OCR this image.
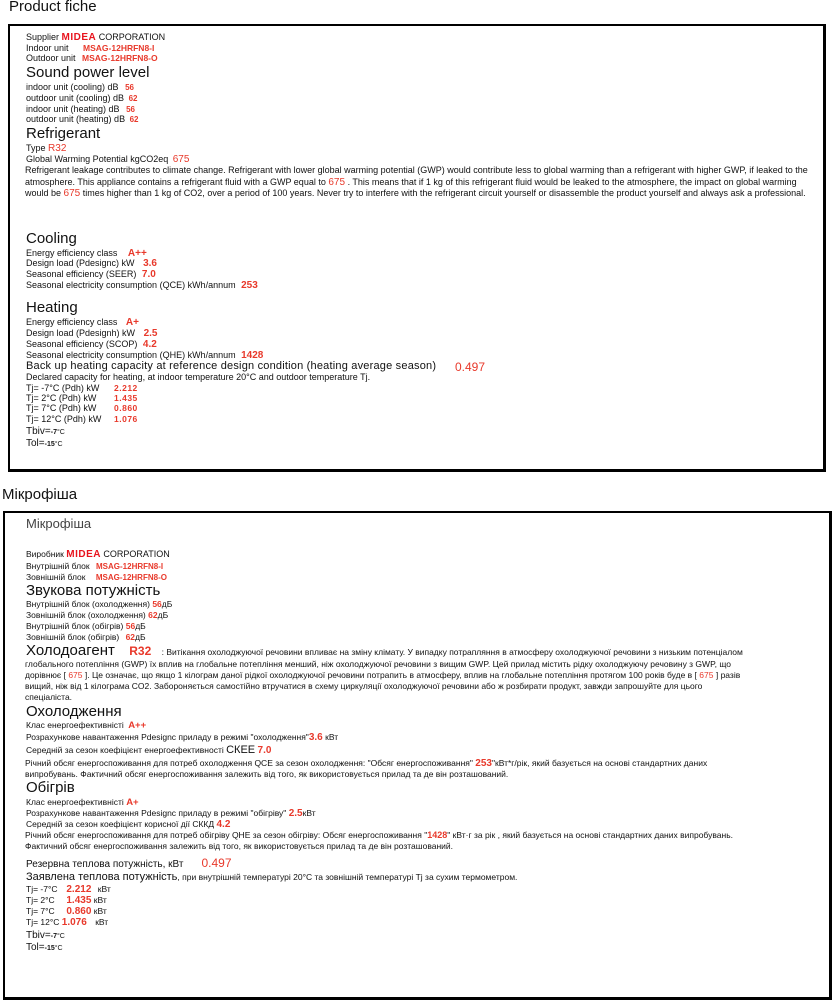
Product fiche
Supplier MIDEA CORPORATION
Indoor unit MSAG-12HRFN8-I
Outdoor unit MSAG-12HRFN8-O
Sound power level
indoor unit (cooling) dB 56
outdoor unit (cooling) dB 62
indoor unit (heating) dB 56
outdoor unit (heating) dB 62
Refrigerant
Type R32
Global Warming Potential kgCO2eq 675
Refrigerant leakage contributes to climate change. Refrigerant with lower global warming potential (GWP) would contribute less to global warming than a refrigerant with higher GWP, if leaked to the
atmosphere. This appliance contains a refrigerant fluid with a GWP equal to 675 . This means that if 1 kg of this refrigerant fluid would be leaked to the atmosphere, the impact on global warming
would be 675 times higher than 1 kg of CO2, over a period of 100 years. Never try to interfere with the refrigerant circuit yourself or disassemble the product yourself and always ask a professional.
Cooling
Energy efficiency class A++
Design load (Pdesignc) kW 3.6
Seasonal efficiency (SEER) 7.0
Seasonal electricity consumption (QCE) kWh/annum 253
Heating
Energy efficiency class A+
Design load (Pdesignh) kW 2.5
Seasonal efficiency (SCOP) 4.2
Seasonal electricity consumption (QHE) kWh/annum 1428
Back up heating capacity at reference design condition (heating average season) 0.497
Declared capacity for heating, at indoor temperature 20°C and outdoor temperature Tj.
Tj= -7°C (Pdh) kW 2.212
Tj= 2°C (Pdh) kW 1.435
Tj= 7°C (Pdh) kW 0.860
Tj= 12°C (Pdh) kW 1.076
Tbiv=-7°C
Tol=-15°C
Мікрофіша
Мікрофіша
Виробник MIDEA CORPORATION
Внутрішній блок MSAG-12HRFN8-I
Зовнішній блок MSAG-12HRFN8-O
Звукова потужність
Внутрішній блок (охолодження) 56дБ
Зовнішній блок (охолодження) 62дБ
Внутрішній блок (обігрів) 56дБ
Зовнішній блок (обігрів) 62дБ
Холодоагент R32 : Витікання охолоджуючої речовини впливає на зміну клімату. У випадку потрапляння в атмосферу охолоджуючої речовини з низьким потенціалом
глобального потепління (GWP) їх вплив на глобальне потепління менший, ніж охолоджуючої речовини з вищим GWP. Цей прилад містить рідку охолоджуючу речовину з GWP, що
дорівнює [ 675 ]. Це означає, що якщо 1 кілограм даної рідкої охолоджуючої речовини потрапить в атмосферу, вплив на глобальне потепління протягом 100 років буде в [ 675 ] разів
вищий, ніж від 1 кілограма CO2. Забороняється самостійно втручатися в схему циркуляції охолоджуючої речовини або ж розбирати продукт, завжди запрошуйте для цього
спеціаліста.
Охолодження
Клас енергоефективністі A++
Розрахункове навантаження Pdesignc приладу в режимі "охолодження"3.6 кВт
Середній за сезон коефіцієнт енергоефективності СКЕЕ 7.0
Річний обсяг енергоспоживання для потреб охолодження QCE за сезон охолодження: "Обсяг енергоспоживання" 253"кВт*г/рік, який базується на основі стандартних даних
випробувань. Фактичний обсяг енергоспоживання залежить від того, як використовується прилад та де він розташований.
Обігрів
Клас енергоефективністі A+
Розрахункове навантаження Pdesignc приладу в режимі "обігріву" 2.5кВт
Середній за сезон коефіцієнт корисної дії СККД 4.2
Річний обсяг енергоспоживання для потреб обігріву QHE за сезон обігріву: Обсяг енергоспоживання "1428" кВт·г за рік , який базується на основі стандартних даних випробувань.
Фактичний обсяг енергоспоживання залежить від того, як використовується прилад та де він розташований.
Резервна теплова потужність, кВт 0.497
Заявлена теплова потужність, при внутрішній температурі 20°C та зовнішній температурі Tj за сухим термометром.
Tj= -7°C 2.212 кВт
Tj= 2°C 1.435 кВт
Tj= 7°C 0.860 кВт
Tj= 12°C 1.076 кВт
Tbiv=-7°C
Tol=-15°C
